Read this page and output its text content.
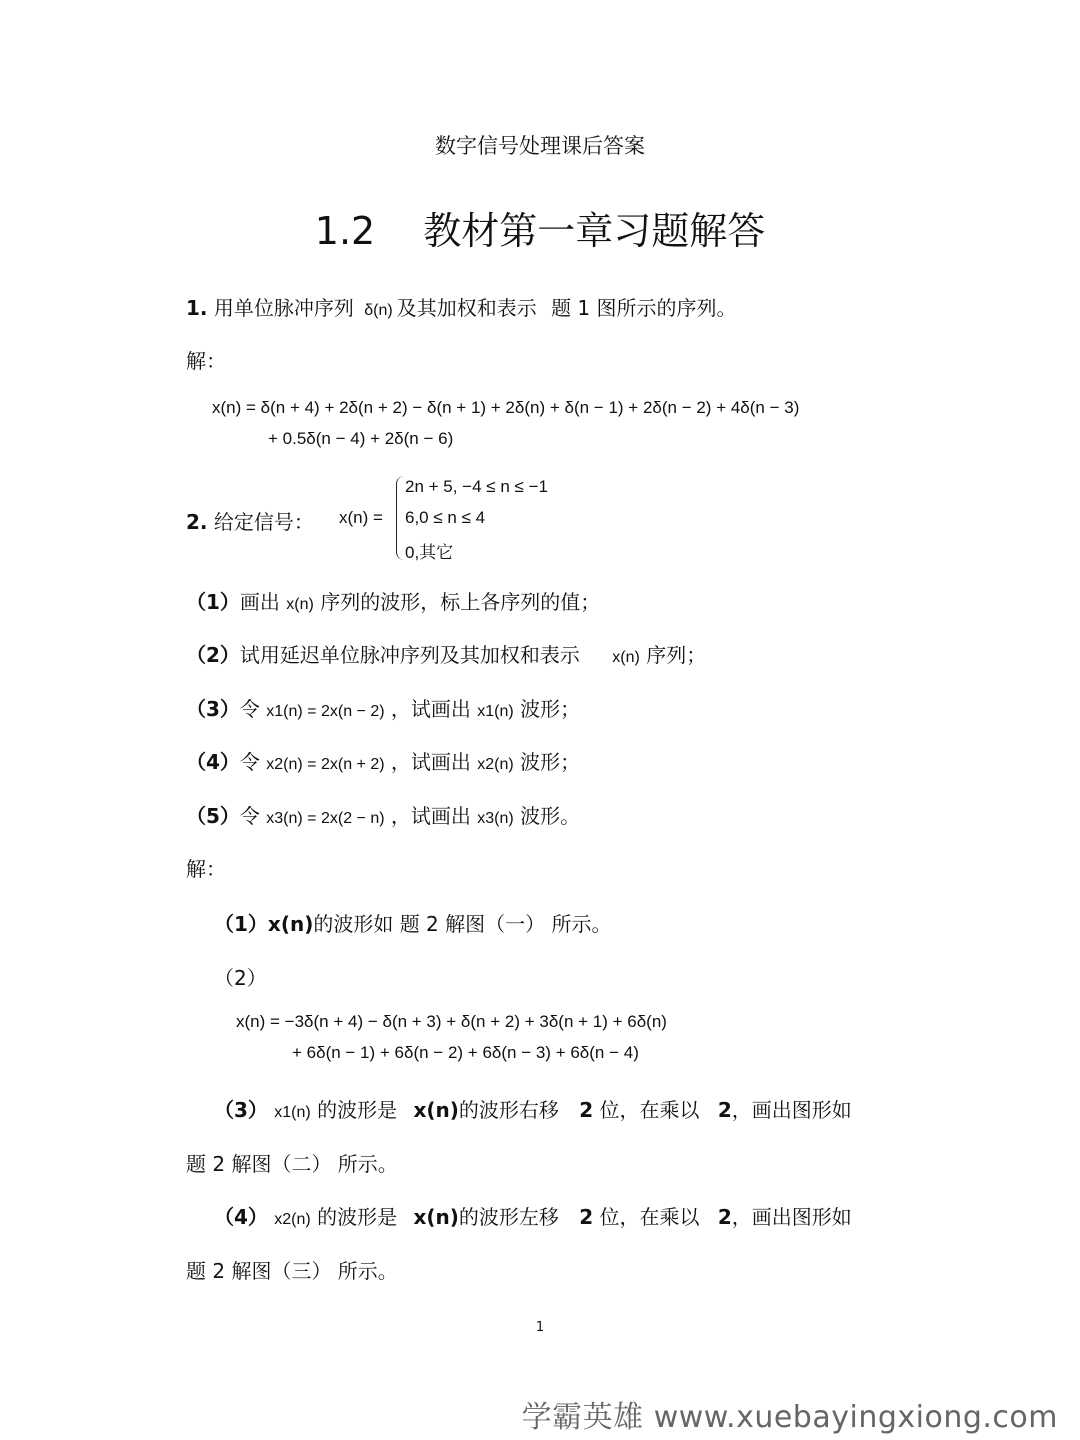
数字信号处理课后答案
1.2 教材第一章习题解答
1. 用单位脉冲序列 δ(n) 及其加权和表示 题 1 图所示的序列。
解：
x(n) = δ(n + 4) + 2δ(n + 2) − δ(n + 1) + 2δ(n) + δ(n − 1) + 2δ(n − 2) + 4δ(n − 3)
+ 0.5δ(n − 4) + 2δ(n − 6)
2. 给定信号： x(n) =
2n + 5, −4 ≤ n ≤ −1
6,0 ≤ n ≤ 4
0,其它
（1）画出 x(n) 序列的波形，标上各序列的值；
（2）试用延迟单位脉冲序列及其加权和表示 x(n) 序列；
（3）令 x1(n) = 2x(n − 2) ，试画出 x1(n) 波形；
（4）令 x2(n) = 2x(n + 2) ，试画出 x2(n) 波形；
（5）令 x3(n) = 2x(2 − n) ，试画出 x3(n) 波形。
解：
（1）x(n)的波形如 题 2 解图（一） 所示。
（2）
x(n) = −3δ(n + 4) − δ(n + 3) + δ(n + 2) + 3δ(n + 1) + 6δ(n)
+ 6δ(n − 1) + 6δ(n − 2) + 6δ(n − 3) + 6δ(n − 4)
（3） x1(n) 的波形是 x(n)的波形右移 2 位，在乘以 2，画出图形如
题 2 解图（二） 所示。
（4） x2(n) 的波形是 x(n)的波形左移 2 位，在乘以 2，画出图形如
题 2 解图（三） 所示。
1
学霸英雄 www.xuebayingxiong.com
